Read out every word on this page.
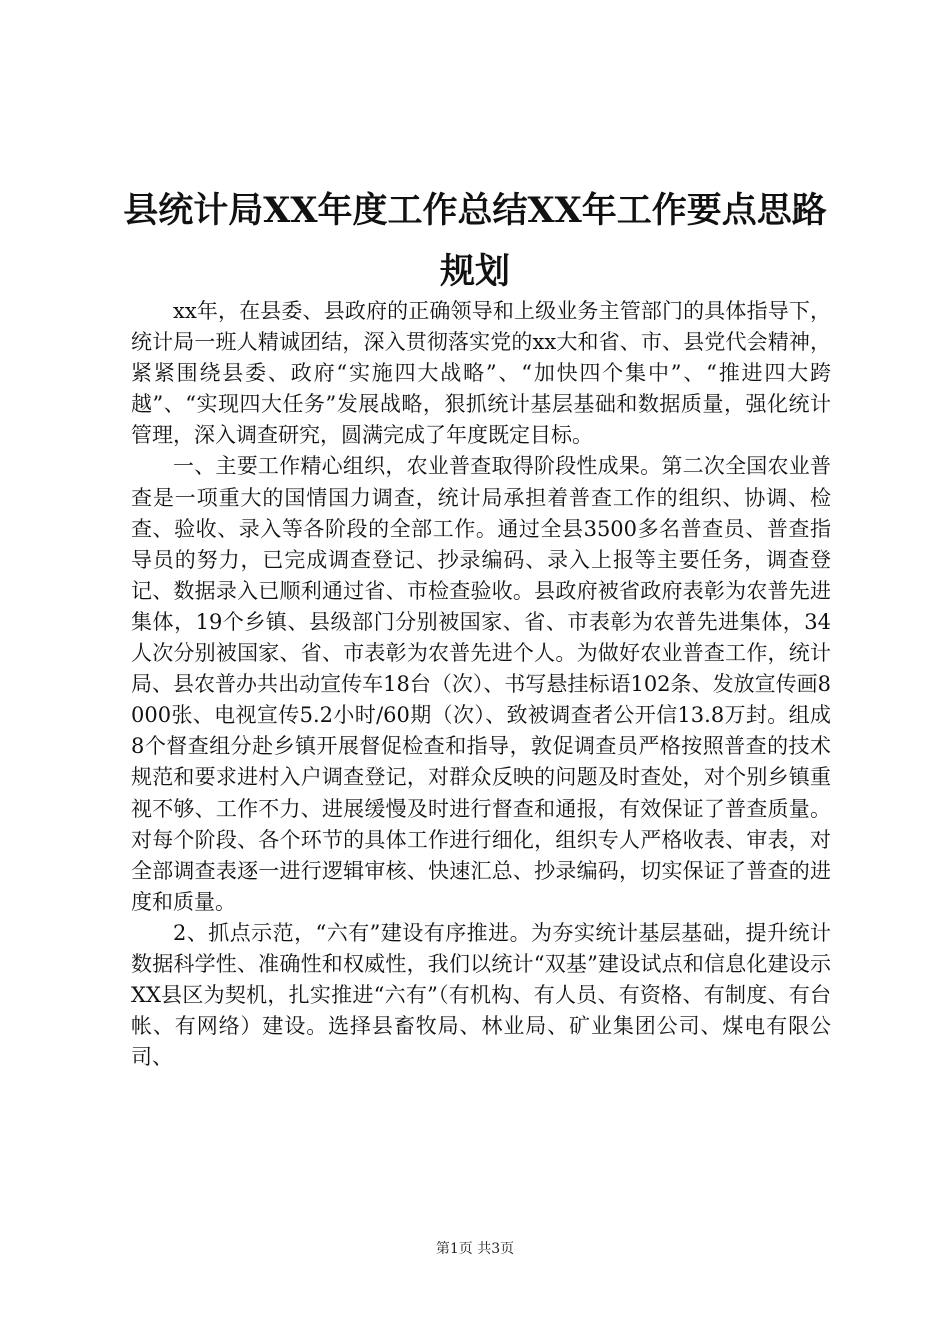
县统计局XX年度工作总结XX年工作要点思路规划

xx年，在县委、县政府的正确领导和上级业务主管部门的具体指导下，统计局一班人精诚团结，深入贯彻落实党的xx大和省、市、县党代会精神，紧紧围绕县委、政府“实施四大战略”、“加快四个集中”、“推进四大跨越”、“实现四大任务”发展战略，狠抓统计基层基础和数据质量，强化统计管理，深入调查研究，圆满完成了年度既定目标。

一、主要工作精心组织，农业普查取得阶段性成果。第二次全国农业普查是一项重大的国情国力调查，统计局承担着普查工作的组织、协调、检查、验收、录入等各阶段的全部工作。通过全县3500多名普查员、普查指导员的努力，已完成调查登记、抄录编码、录入上报等主要任务，调查登记、数据录入已顺利通过省、市检查验收。县政府被省政府表彰为农普先进集体，19个乡镇、县级部门分别被国家、省、市表彰为农普先进集体，34人次分别被国家、省、市表彰为农普先进个人。为做好农业普查工作，统计局、县农普办共出动宣传车18台（次）、书写悬挂标语102条、发放宣传画8000张、电视宣传5.2小时/60期（次）、致被调查者公开信13.8万封。组成8个督查组分赴乡镇开展督促检查和指导，敦促调查员严格按照普查的技术规范和要求进村入户调查登记，对群众反映的问题及时查处，对个别乡镇重视不够、工作不力、进展缓慢及时进行督查和通报，有效保证了普查质量。对每个阶段、各个环节的具体工作进行细化，组织专人严格收表、审表，对全部调查表逐一进行逻辑审核、快速汇总、抄录编码，切实保证了普查的进度和质量。

2、抓点示范，“六有”建设有序推进。为夯实统计基层基础，提升统计数据科学性、准确性和权威性，我们以统计“双基”建设试点和信息化建设示XX县区为契机，扎实推进“六有”（有机构、有人员、有资格、有制度、有台帐、有网络）建设。选择县畜牧局、林业局、矿业集团公司、煤电有限公司、

第1页 共3页
